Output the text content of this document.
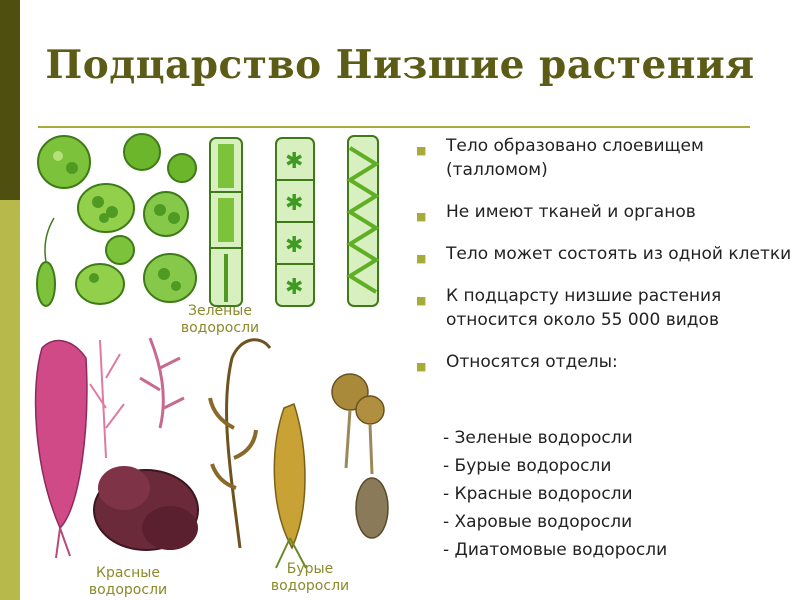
Подцарство Низшие растения
✱
✱
✱
✱
Зеленые
водоросли
Красные
водоросли
Бурые
водоросли
■ Тело образовано слоевищем (талломом)
■ Не имеют тканей и органов
■ Тело может состоять из одной клетки
■ К подцарсту низшие растения относится около 55 000 видов
■ Относятся отделы:
- Зеленые водоросли
- Бурые водоросли
- Красные водоросли
- Харовые водоросли
- Диатомовые водоросли
